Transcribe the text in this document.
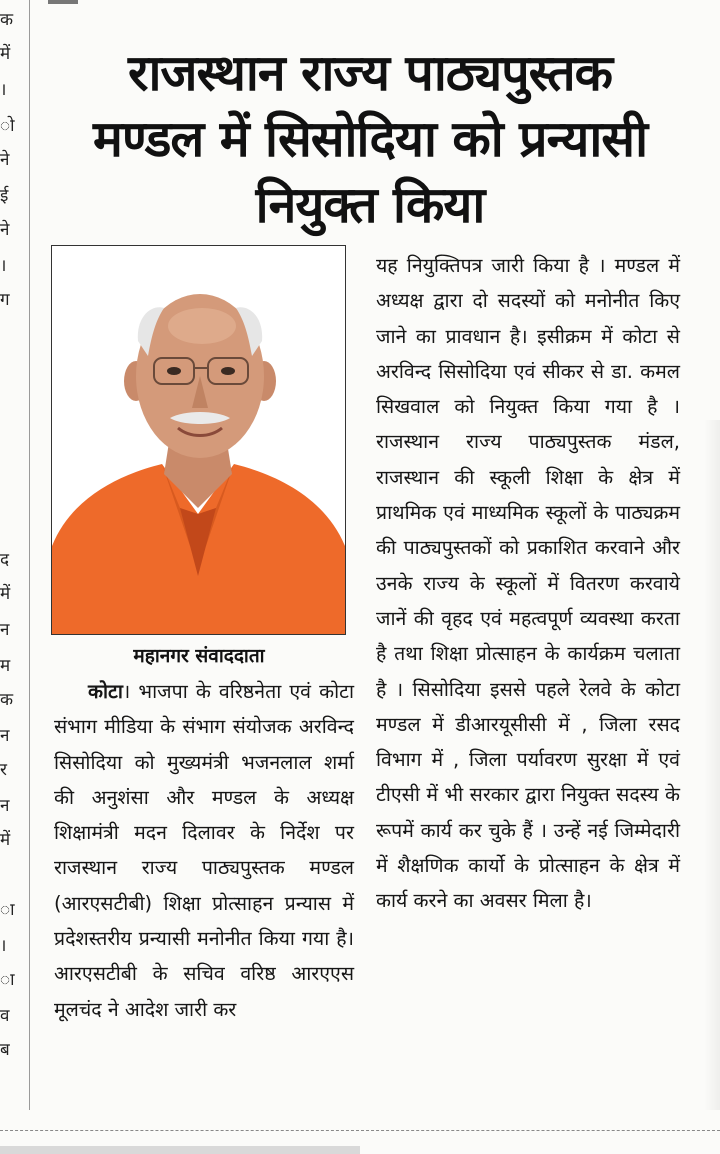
क
में
।
ो
ने
ई
ने
।
ग
द
में
न
म
क
न
र
न
में
ा
।
ा
व
ब
राजस्थान राज्य पाठ्यपुस्तक
मण्डल में सिसोदिया को प्रन्यासी
नियुक्त किया
महानगर संवाददाता

कोटा। भाजपा के वरिष्ठनेता एवं कोटा संभाग मीडिया के संभाग संयोजक अरविन्द सिसोदिया को मुख्यमंत्री भजनलाल शर्मा की अनुशंसा और मण्डल के अध्यक्ष शिक्षामंत्री मदन दिलावर के निर्देश पर राजस्थान राज्य पाठ्यपुस्तक मण्डल (आरएसटीबी) शिक्षा प्रोत्साहन प्रन्यास में प्रदेशस्तरीय प्रन्यासी मनोनीत किया गया है। आरएसटीबी के सचिव वरिष्ठ आरएएस मूलचंद ने आदेश जारी कर

यह नियुक्तिपत्र जारी किया है । मण्डल में अध्यक्ष द्वारा दो सदस्यों को मनोनीत किए जाने का प्रावधान है। इसीक्रम में कोटा से अरविन्द सिसोदिया एवं सीकर से डा. कमल सिखवाल को नियुक्त किया गया है । राजस्थान राज्य पाठ्यपुस्तक मंडल, राजस्थान की स्कूली शिक्षा के क्षेत्र में प्राथमिक एवं माध्यमिक स्कूलों के पाठ्यक्रम की पाठ्यपुस्तकों को प्रकाशित करवाने और उनके राज्य के स्कूलों में वितरण करवाये जानें की वृहद एवं महत्वपूर्ण व्यवस्था करता है तथा शिक्षा प्रोत्साहन के कार्यक्रम चलाता है । सिसोदिया इससे पहले रेलवे के कोटा मण्डल में डीआरयूसीसी में , जिला रसद विभाग में , जिला पर्यावरण सुरक्षा में एवं टीएसी में भी सरकार द्वारा नियुक्त सदस्य के रूपमें कार्य कर चुके हैं । उन्हें नई जिम्मेदारी में शैक्षणिक कार्यो के प्रोत्साहन के क्षेत्र में कार्य करने का अवसर मिला है।
